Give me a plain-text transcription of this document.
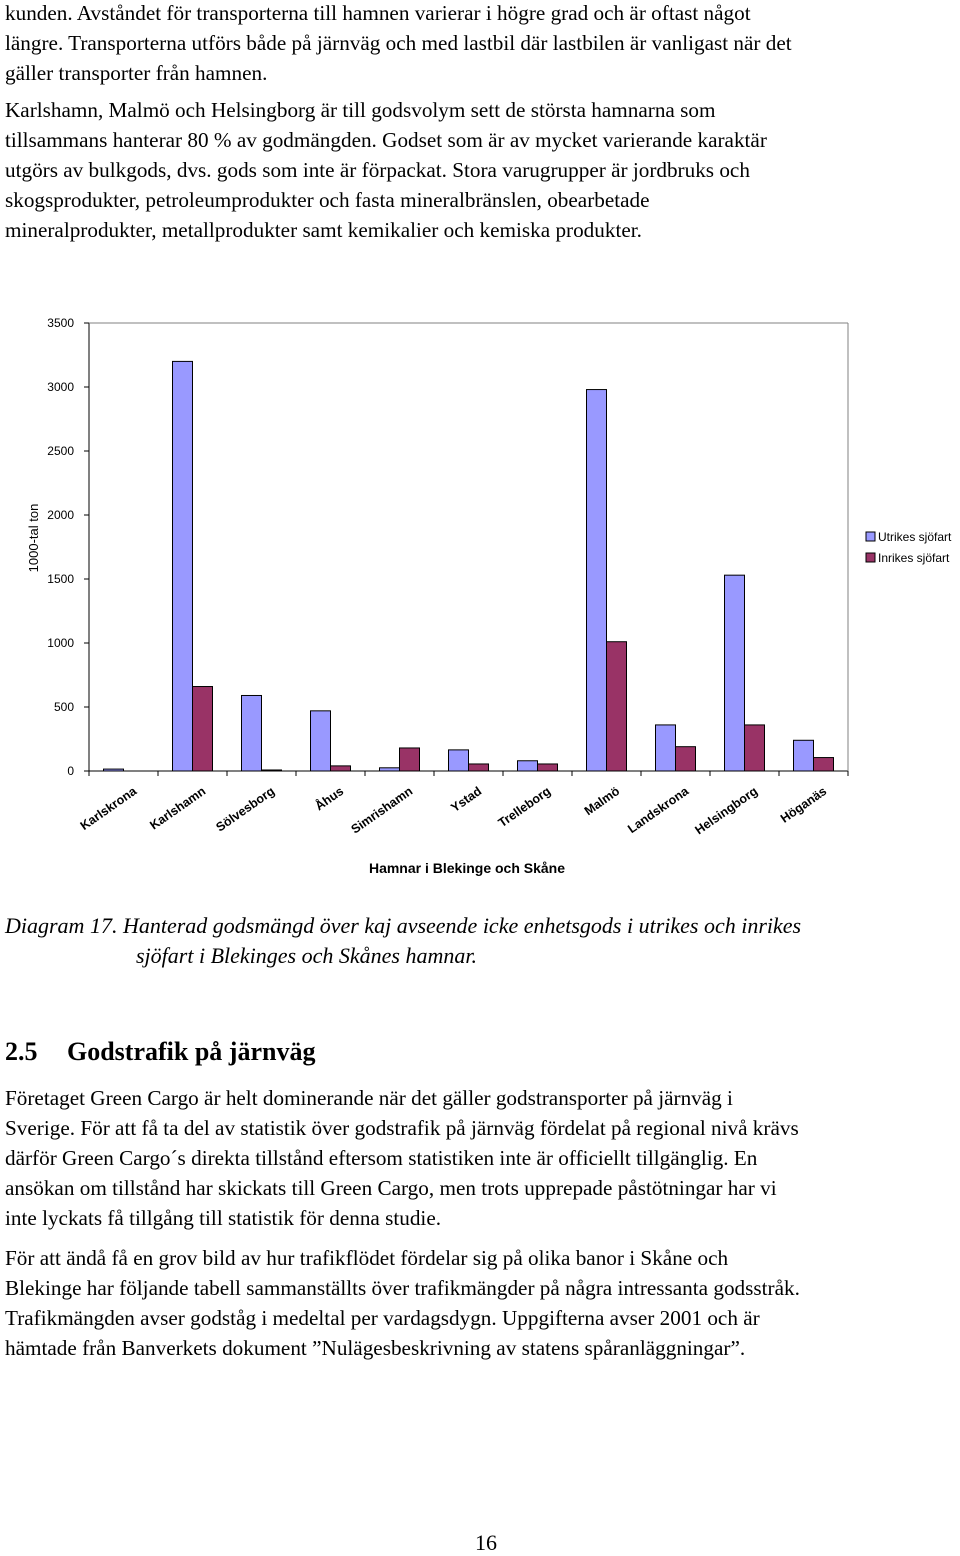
kunden. Avståndet för transporterna till hamnen varierar i högre grad och är oftast något
längre. Transporterna utförs både på järnväg och med lastbil där lastbilen är vanligast när det
gäller transporter från hamnen.

Karlshamn, Malmö och Helsingborg är till godsvolym sett de största hamnarna som
tillsammans hanterar 80 % av godmängden. Godset som är av mycket varierande karaktär
utgörs av bulkgods, dvs. gods som inte är förpackat. Stora varugrupper är jordbruks och
skogsprodukter, petroleumprodukter och fasta mineralbränslen, obearbetade
mineralprodukter, metallprodukter samt kemikalier och kemiska produkter.

0
500
1000
1500
2000
2500
3000
3500
Karlskrona Karlshamn Sölvesborg	Åhus Simrishamn	Ystad Trelleborg Malmö Landskrona Helsingborg Höganäs
1000-tal ton
Hamnar i Blekinge och Skåne
Utrikes sjöfart
Inrikes sjöfart
Diagram 17. Hanterad godsmängd över kaj avseende icke enhetsgods i utrikes och inrikes
sjöfart i Blekinges och Skånes hamnar.
2.5 Godstrafik på järnväg

Företaget Green Cargo är helt dominerande när det gäller godstransporter på järnväg i
Sverige. För att få ta del av statistik över godstrafik på järnväg fördelat på regional nivå krävs
därför Green Cargo´s direkta tillstånd eftersom statistiken inte är officiellt tillgänglig. En
ansökan om tillstånd har skickats till Green Cargo, men trots upprepade påstötningar har vi
inte lyckats få tillgång till statistik för denna studie.

För att ändå få en grov bild av hur trafikflödet fördelar sig på olika banor i Skåne och
Blekinge har följande tabell sammanställts över trafikmängder på några intressanta godsstråk.
Trafikmängden avser godståg i medeltal per vardagsdygn. Uppgifterna avser 2001 och är
hämtade från Banverkets dokument ”Nulägesbeskrivning av statens spåranläggningar”.

16
